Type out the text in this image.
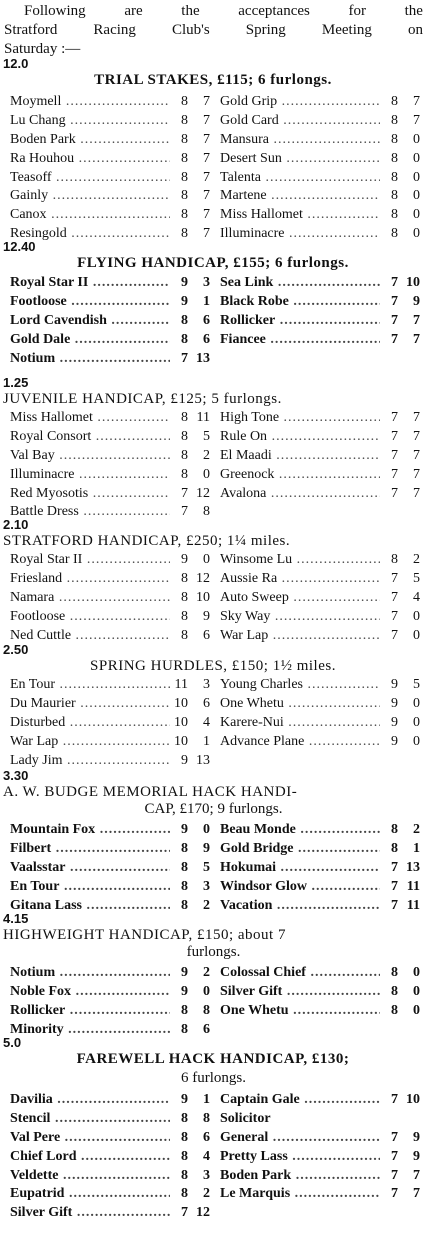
Following	are	the	acceptances	for	the
Stratford Racing Club's Spring Meeting on
Saturday :—
12.0
TRIAL STAKES, £115; 6 furlongs.
Moymell .....	8	7 Gold Grip .....	8	7
Lu Chang .....	8	7 Gold Card .....	8	7
Boden Park .....	8	7 Mansura .....	8	0
Ra Houhou .....	8	7 Desert Sun .....	8	0
Teasoff .....	8	7 Talenta .....	8	0
Gainly .....	8	7 Martene .....	8	0
Canox .....	8	7 Miss Hallomet .....	8	0
Resingold .....	8	7 Illuminacre .....	8	0
12.40
FLYING HANDICAP, £155; 6 furlongs.
Royal Star II .....	9	3 Sea Link .....	7 10
Footloose .....	9	1 Black Robe .....	7	9
Lord Cavendish .....	8	6 Rollicker .....	7	7
Gold Dale .....	8	6 Fiancee .....	7	7
Notium .....	7 13
1.25
JUVENILE HANDICAP, £125; 5 furlongs.
Miss Hallomet .....	8 11 High Tone .....	7	7
Royal Consort .....	8	5 Rule On .....	7	7
Val Bay .....	8	2 El Maadi .....	7	7
Illuminacre .....	8	0 Greenock .....	7	7
Red Myosotis .....	7 12 Avalona .....	7	7
Battle Dress .....	7	8
2.10
STRATFORD HANDICAP, £250; 1¼ miles.
Royal Star II .....	9	0 Winsome Lu .....	8	2
Friesland .....	8 12 Aussie Ra .....	7	5
Namara .....	8 10 Auto Sweep .....	7	4
Footloose .....	8	9 Sky Way .....	7	0
Ned Cuttle .....	8	6 War Lap .....	7	0
2.50
SPRING HURDLES, £150; 1½ miles.
En Tour .....	11	3 Young Charles .....	9	5
Du Maurier .....	10	6 One Whetu .....	9	0
Disturbed .....	10	4 Karere-Nui .....	9	0
War Lap .....	10	1 Advance Plane .....	9	0
Lady Jim .....	9 13
3.30
A. W. BUDGE MEMORIAL HACK HANDI-
CAP, £170; 9 furlongs.
Mountain Fox .....	9	0 Beau Monde .....	8	2
Filbert .....	8	9 Gold Bridge .....	8	1
Vaalsstar .....	8	5 Hokumai .....	7 13
En Tour .....	8	3 Windsor Glow .....	7 11
Gitana Lass .....	8	2 Vacation .....	7 11
4.15
HIGHWEIGHT HANDICAP, £150; about 7
furlongs.
Notium .....	9	2 Colossal Chief .....	8	0
Noble Fox .....	9	0 Silver Gift .....	8	0
Rollicker .....	8	8 One Whetu .....	8	0
Minority .....	8	6
5.0
FAREWELL HACK HANDICAP, £130;
6 furlongs.
Davilia .....	9	1 Captain Gale .....	7 10
Stencil .....	8	8 Solicitor
Val Pere .....	8	6 General .....	7	9
Chief Lord .....	8	4 Pretty Lass .....	7	9
Veldette .....	8	3 Boden Park .....	7	7
Eupatrid .....	8	2 Le Marquis .....	7	7
Silver Gift .....	7 12
